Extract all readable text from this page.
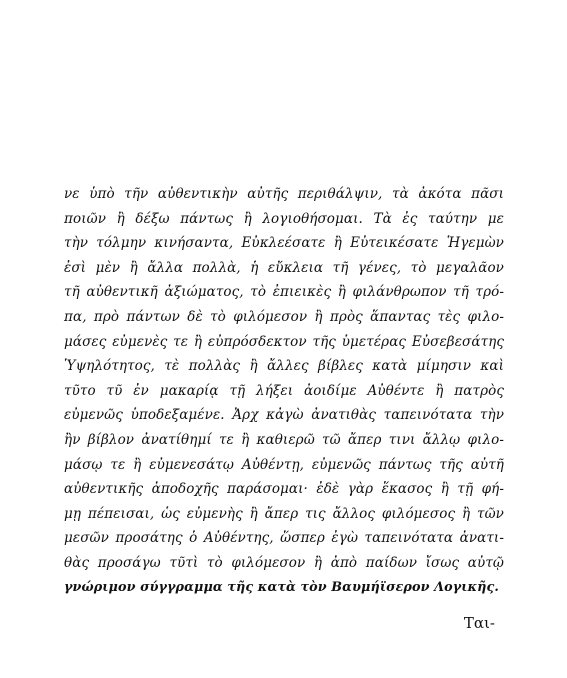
νε ὑπὸ τῆν αὐθεντικὴν αὐτῆς περιθάλψιν, τὰ ἀκότα πᾶσι
ποιῶν ἢ δέξω πάντως ἢ λογιοθήσομαι. Τὰ ἐς ταύτην με
τὴν τόλμην κινήσαντα, Εὐκλεέσατε ἢ Εὐτεικέσατε Ἡγεμὼν
ἐσὶ μὲν ἢ ἄλλα πολλὰ, ἡ εὔκλεια τῆ γένες, τὸ μεγαλᾶον
τῆ αὐθεντικῆ ἀξιώματος, τὸ ἐπιεικὲς ἢ φιλάνθρωπον τῆ τρό-
πα, πρὸ πάντων δὲ τὸ φιλόμεσον ἢ πρὸς ἅπαντας τὲς φιλο-
μάσες εὐμενὲς τε ἢ εὐπρόσδεκτον τῆς ὑμετέρας Εὐσεβεσάτης
Ὑψηλότητος, τὲ πολλὰς ἢ ἄλλες βίβλες κατὰ μίμησιν καὶ
τῦτο τῦ ἐν μακαρίᾳ τῇ λήξει ἀοιδίμε Αὐθέντε ἢ πατρὸς
εὐμενῶς ὑποδεξαμένε. Ἀρχ κἀγὼ ἀνατιθὰς ταπεινότατα τὴν
ἢν βίβλον ἀνατίθημί τε ἢ καθιερῶ τῶ ἄπερ τινι ἄλλῳ φιλο-
μάσῳ τε ἢ εὐμενεσάτῳ Αὐθέντῃ, εὐμενῶς πάντως τῆς αὐτῆ
αὐθεντικῆς ἀποδοχῆς παράσομαι· ἐδὲ γὰρ ἕκασος ἢ τῇ φή-
μῃ πέπεισαι, ὡς εὐμενὴς ἢ ἄπερ τις ἄλλος φιλόμεσος ἢ τῶν
μεσῶν προσάτης ὁ Αὐθέντης, ὥσπερ ἐγὼ ταπεινότατα ἀνατι-
θὰς προσάγω τῦτὶ τὸ φιλόμεσον ἢ ἀπὸ παίδων ἴσως αὐτῷ
γνώριμον σύγγραμμα τῆς κατὰ τὸν Βαυμήϊσερον Λογικῆς.
Ται-
